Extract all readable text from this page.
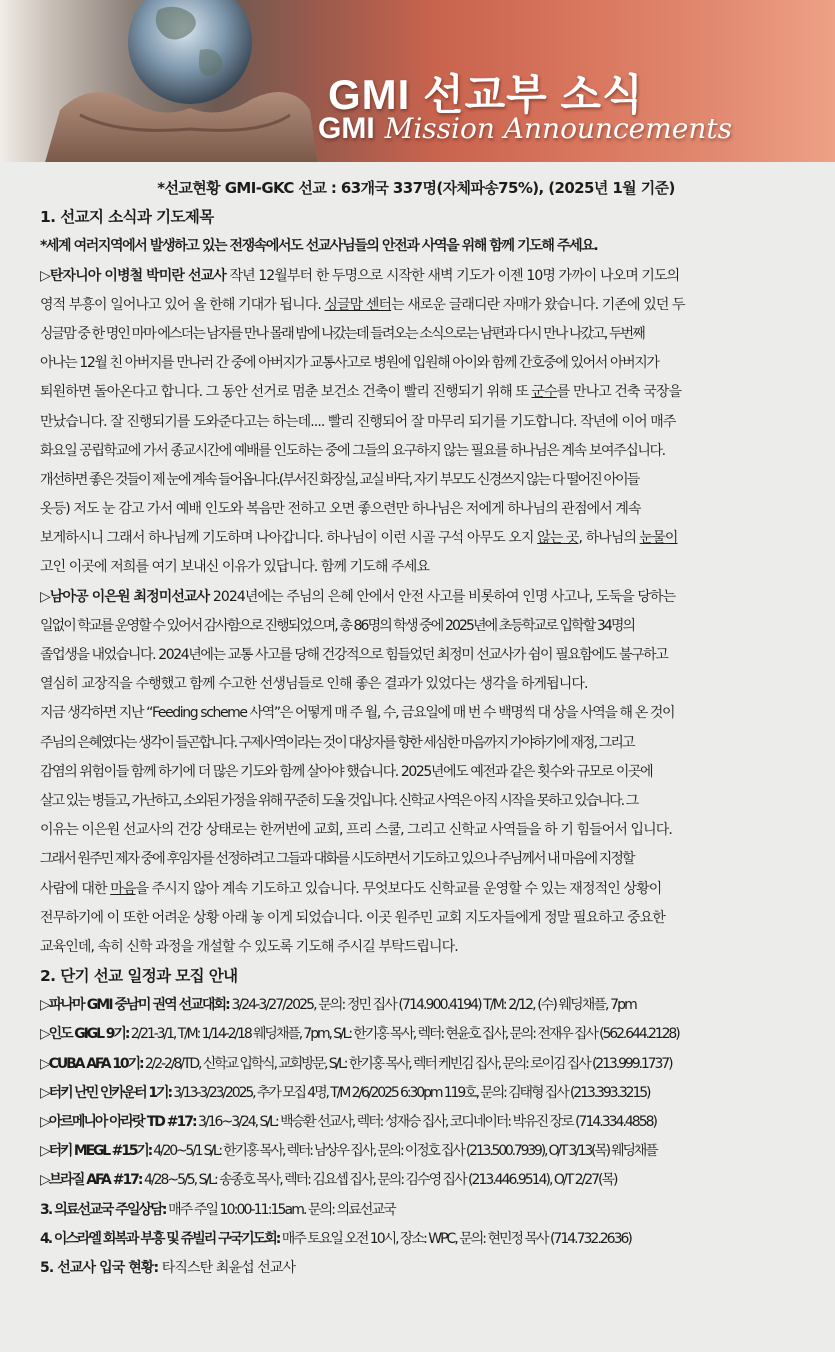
GMI 선교부 소식
GMI Mission Announcements
*선교현황 GMI-GKC 선교 : 63개국 337명(자체파송75%), (2025년 1월 기준)
1. 선교지 소식과 기도제목
*세계 여러지역에서 발생하고 있는 전쟁속에서도 선교사님들의 안전과 사역을 위해 함께 기도해 주세요.
▷탄자니아 이병철 박미란 선교사 작년 12월부터 한 두명으로 시작한 새벽 기도가 이젠 10명 가까이 나오며 기도의
영적 부흥이 일어나고 있어 올 한해 기대가 됩니다. 싱글맘 센터는 새로운 글래디란 자매가 왔습니다. 기존에 있던 두
싱글맘 중 한 명인 마마 에스더는 남자를 만나 몰래 밤에 나갔는데 들려오는 소식으로는 남편과 다시 만나 나갔고, 두번째
아나는 12월 친 아버지를 만나러 간 중에 아버지가 교통사고로 병원에 입원해 아이와 함께 간호중에 있어서 아버지가
퇴원하면 돌아온다고 합니다. 그 동안 선거로 멈춘 보건소 건축이 빨리 진행되기 위해 또 군수를 만나고 건축 국장을
만났습니다. 잘 진행되기를 도와준다고는 하는데.... 빨리 진행되어 잘 마무리 되기를 기도합니다. 작년에 이어 매주
화요일 공립학교에 가서 종교시간에 예배를 인도하는 중에 그들의 요구하지 않는 필요를 하나님은 계속 보여주십니다.
개선하면 좋은 것들이 제 눈에 계속 들어옵니다.(부서진 화장실, 교실 바닥, 자기 부모도 신경쓰지 않는 다 떨어진 아이들
옷등) 저도 눈 감고 가서 예배 인도와 복음만 전하고 오면 좋으련만 하나님은 저에게 하나님의 관점에서 계속
보게하시니 그래서 하나님께 기도하며 나아갑니다. 하나님이 이런 시골 구석 아무도 오지 않는 곳, 하나님의 눈물이
고인 이곳에 저희를 여기 보내신 이유가 있답니다. 함께 기도해 주세요
▷남아공 이은원 최정미선교사 2024년에는 주님의 은혜 안에서 안전 사고를 비롯하여 인명 사고나, 도둑을 당하는
일없이 학교를 운영할 수 있어서 감사함으로 진행되었으며, 총 86명의 학생 중에 2025년에 초등학교로 입학할 34명의
졸업생을 내었습니다. 2024년에는 교통 사고를 당해 건강적으로 힘들었던 최정미 선교사가 쉼이 필요함에도 불구하고
열심히 교장직을 수행했고 함께 수고한 선생님들로 인해 좋은 결과가 있었다는 생각을 하게됩니다.
지금 생각하면 지난 “Feeding scheme 사역”은 어떻게 매 주 월, 수, 금요일에 매 번 수 백명씩 대 상을 사역을 해 온 것이
주님의 은혜였다는 생각이 들곤합니다. 구제사역이라는 것이 대상자를 향한 세심한 마음까지 가야하기에 재정, 그리고
감염의 위험이들 함께 하기에 더 많은 기도와 함께 살아야 했습니다. 2025년에도 예전과 같은 횟수와 규모로 이곳에
살고 있는 병들고, 가난하고, 소외된 가정을 위해 꾸준히 도울 것입니다. 신학교 사역은 아직 시작을 못하고 있습니다. 그
이유는 이은원 선교사의 건강 상태로는 한꺼번에 교회, 프리 스쿨, 그리고 신학교 사역들을 하 기 힘들어서 입니다.
그래서 원주민 제자 중에 후임자를 선정하려고 그들과 대화를 시도하면서 기도하고 있으나 주님께서 내 마음에 지정할
사람에 대한 마음을 주시지 않아 계속 기도하고 있습니다. 무엇보다도 신학교를 운영할 수 있는 재정적인 상황이
전무하기에 이 또한 어려운 상황 아래 놓 이게 되었습니다. 이곳 원주민 교회 지도자들에게 정말 필요하고 중요한
교육인데, 속히 신학 과정을 개설할 수 있도록 기도해 주시길 부탁드립니다.
2. 단기 선교 일정과 모집 안내
▷파나마 GMI 중남미 권역 선교대회: 3/24-3/27/2025, 문의: 정민 집사 (714.900.4194) T/M: 2/12, (수) 웨딩채플, 7pm
▷인도 GIGL 9기: 2/21-3/1, T/M: 1/14-2/18 웨딩채플, 7pm, S/L: 한기홍 목사, 렉터: 현윤호 집사, 문의: 전재우 집사 (562.644.2128)
▷CUBA AFA 10기: 2/2-2/8/TD, 신학교 입학식, 교회방문, S/L: 한기홍 목사, 렉터 케빈김 집사, 문의: 로이김 집사 (213.999.1737)
▷터키 난민 인카운터 1기: 3/13-3/23/2025, 추가 모집 4명, T/M 2/6/2025 6:30pm 119호, 문의: 김태형 집사 (213.393.3215)
▷아르메니아 아라랏 TD #17: 3/16~3/24, S/L: 백승환 선교사, 렉터: 성재승 집사, 코디네이터: 박유진 장로 (714.334.4858)
▷터키 MEGL #15기: 4/20~5/1 S/L: 한기홍 목사, 렉터: 남상우 집사, 문의: 이정호 집사 (213.500.7939), O/T 3/13(목) 웨딩채플
▷브라질 AFA #17: 4/28~5/5, S/L: 송종호 목사, 렉터: 김요셉 집사, 문의: 김수영 집사 (213.446.9514), O/T 2/27(목)
3. 의료선교국 주일상담: 매주 주일 10:00-11:15am. 문의: 의료선교국
4. 이스라엘 회복과 부흥 및 쥬빌리 구국기도회: 매주 토요일 오전 10시, 장소: WPC, 문의: 현민정 목사 (714.732.2636)
5. 선교사 입국 현황: 타직스탄 최윤섭 선교사
